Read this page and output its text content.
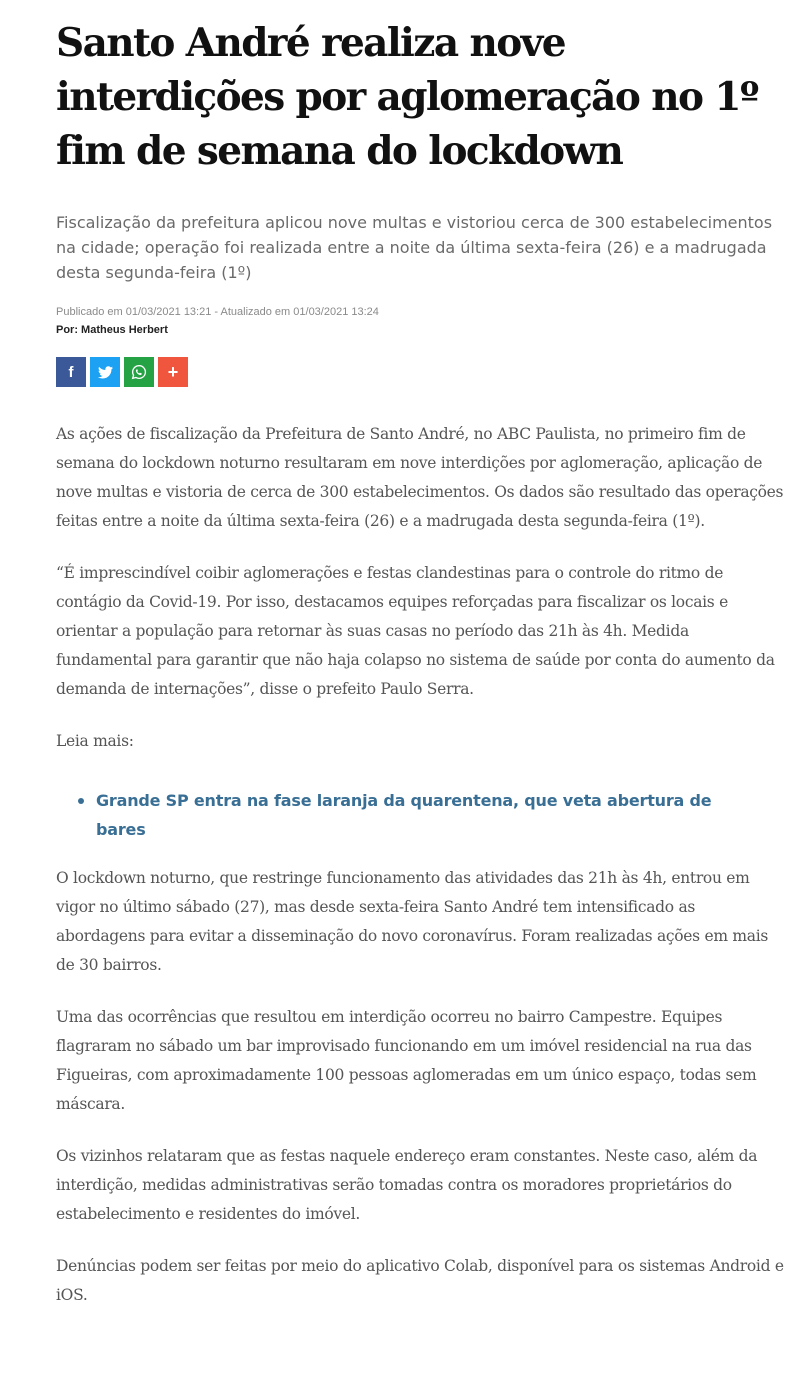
Santo André realiza nove interdições por aglomeração no 1º fim de semana do lockdown
Fiscalização da prefeitura aplicou nove multas e vistoriou cerca de 300 estabelecimentos na cidade; operação foi realizada entre a noite da última sexta-feira (26) e a madrugada desta segunda-feira (1º)
Publicado em 01/03/2021 13:21 - Atualizado em 01/03/2021 13:24
Por: Matheus Herbert
f	+

As ações de fiscalização da Prefeitura de Santo André, no ABC Paulista, no primeiro fim de semana do lockdown noturno resultaram em nove interdições por aglomeração, aplicação de nove multas e vistoria de cerca de 300 estabelecimentos. Os dados são resultado das operações feitas entre a noite da última sexta-feira (26) e a madrugada desta segunda-feira (1º).

“É imprescindível coibir aglomerações e festas clandestinas para o controle do ritmo de contágio da Covid-19. Por isso, destacamos equipes reforçadas para fiscalizar os locais e orientar a população para retornar às suas casas no período das 21h às 4h. Medida fundamental para garantir que não haja colapso no sistema de saúde por conta do aumento da demanda de internações”, disse o prefeito Paulo Serra.

Leia mais:

Grande SP entra na fase laranja da quarentena, que veta abertura de bares

O lockdown noturno, que restringe funcionamento das atividades das 21h às 4h, entrou em vigor no último sábado (27), mas desde sexta-feira Santo André tem intensificado as abordagens para evitar a disseminação do novo coronavírus. Foram realizadas ações em mais de 30 bairros.

Uma das ocorrências que resultou em interdição ocorreu no bairro Campestre. Equipes flagraram no sábado um bar improvisado funcionando em um imóvel residencial na rua das Figueiras, com aproximadamente 100 pessoas aglomeradas em um único espaço, todas sem máscara.

Os vizinhos relataram que as festas naquele endereço eram constantes. Neste caso, além da interdição, medidas administrativas serão tomadas contra os moradores proprietários do estabelecimento e residentes do imóvel.

Denúncias podem ser feitas por meio do aplicativo Colab, disponível para os sistemas Android e iOS.
